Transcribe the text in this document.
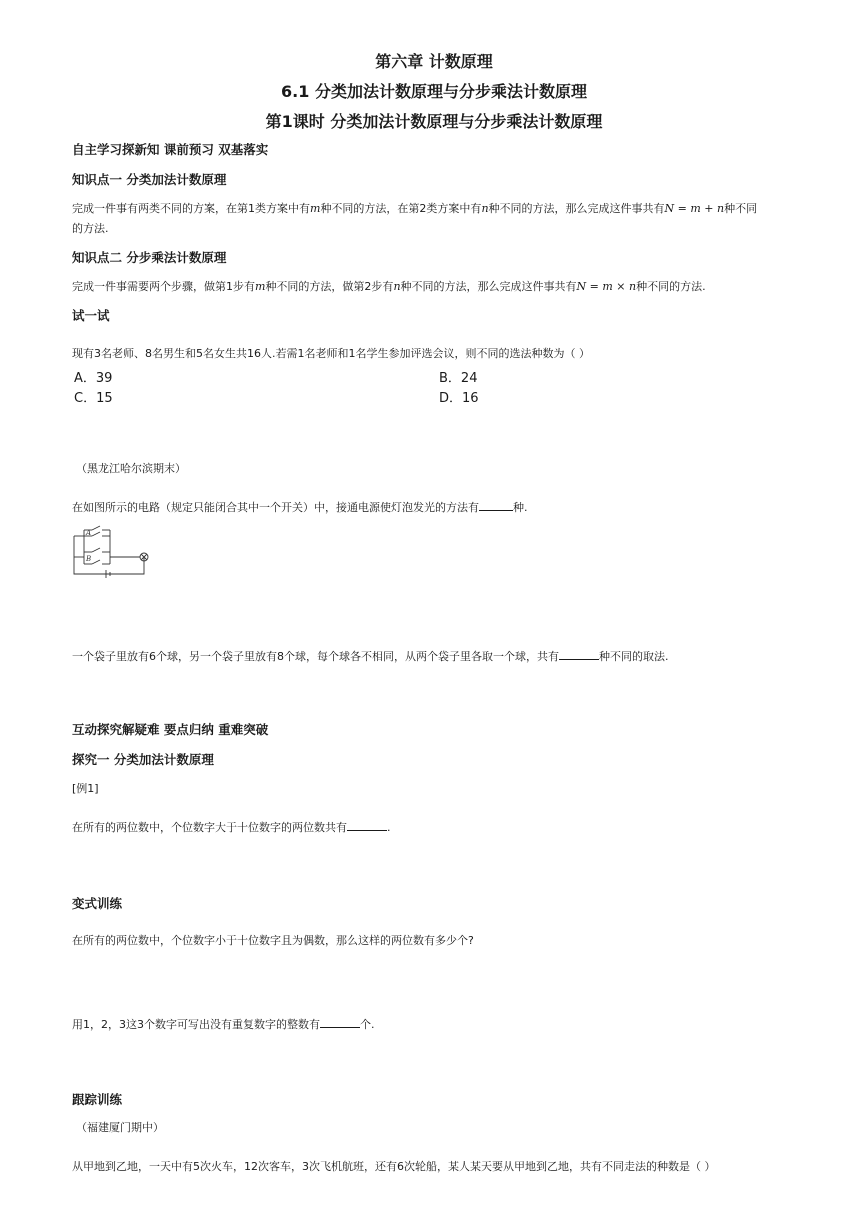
第六章 计数原理
6.1 分类加法计数原理与分步乘法计数原理
第1课时 分类加法计数原理与分步乘法计数原理
自主学习探新知 课前预习 双基落实
知识点一 分类加法计数原理
完成一件事有两类不同的方案，在第1类方案中有m种不同的方法，在第2类方案中有n种不同的方法，那么完成这件事共有N = m + n种不同
的方法.
知识点二 分步乘法计数原理
完成一件事需要两个步骤，做第1步有m种不同的方法，做第2步有n种不同的方法，那么完成这件事共有N = m × n种不同的方法.
试一试
现有3名老师、8名男生和5名女生共16人.若需1名老师和1名学生参加评选会议，则不同的选法种数为（ ）
A．39	B．24
C．15	D．16
（黑龙江哈尔滨期末）
在如图所示的电路（规定只能闭合其中一个开关）中，接通电源使灯泡发光的方法有	种.
A
B
一个袋子里放有6个球，另一个袋子里放有8个球，每个球各不相同，从两个袋子里各取一个球，共有	种不同的取法.
互动探究解疑难 要点归纳 重难突破
探究一 分类加法计数原理
[例1]
在所有的两位数中，个位数字大于十位数字的两位数共有	.
变式训练
在所有的两位数中，个位数字小于十位数字且为偶数，那么这样的两位数有多少个?
用1，2，3这3个数字可写出没有重复数字的整数有	个.
跟踪训练
（福建厦门期中）
从甲地到乙地，一天中有5次火车，12次客车，3次飞机航班，还有6次轮船，某人某天要从甲地到乙地，共有不同走法的种数是（ ）
